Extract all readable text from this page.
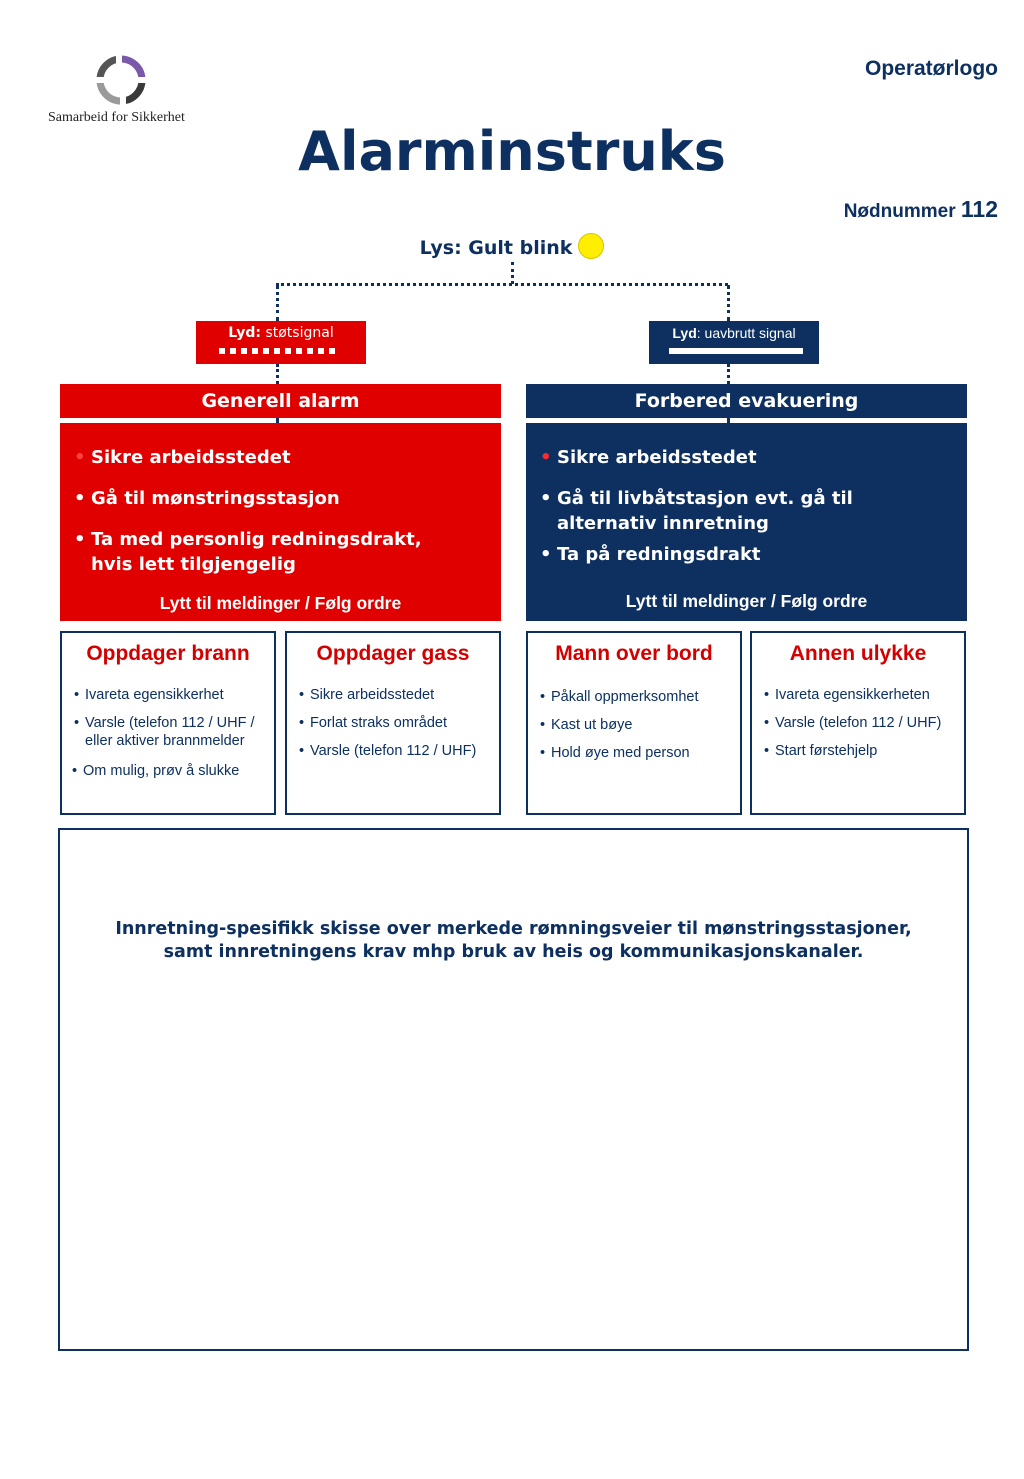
Samarbeid for Sikkerhet
Operatørlogo
Alarminstruks
Nødnummer 112
Lys: Gult blink
Lyd: støtsignal	Lyd: uavbrutt signal
Generell alarm	Forbered evakuering
• Sikre arbeidsstedet
• Gå til mønstringsstasjon
• Ta med personlig redningsdrakt, hvis lett tilgjengelig
Lytt til meldinger / Følg ordre
• Sikre arbeidsstedet
• Gå til livbåtstasjon evt. gå til alternativ innretning
• Ta på redningsdrakt
Lytt til meldinger / Følg ordre
Oppdager brann
• Ivareta egensikkerhet
• Varsle (telefon 112 / UHF / eller aktiver brannmelder
• Om mulig, prøv å slukke
Oppdager gass
• Sikre arbeidsstedet
• Forlat straks området
• Varsle (telefon 112 / UHF)
Mann over bord
• Påkall oppmerksomhet
• Kast ut bøye
• Hold øye med person
Annen ulykke
• Ivareta egensikkerheten
• Varsle (telefon 112 / UHF)
• Start førstehjelp
Innretning-spesifikk skisse over merkede rømningsveier til mønstringsstasjoner,
samt innretningens krav mhp bruk av heis og kommunikasjonskanaler.
